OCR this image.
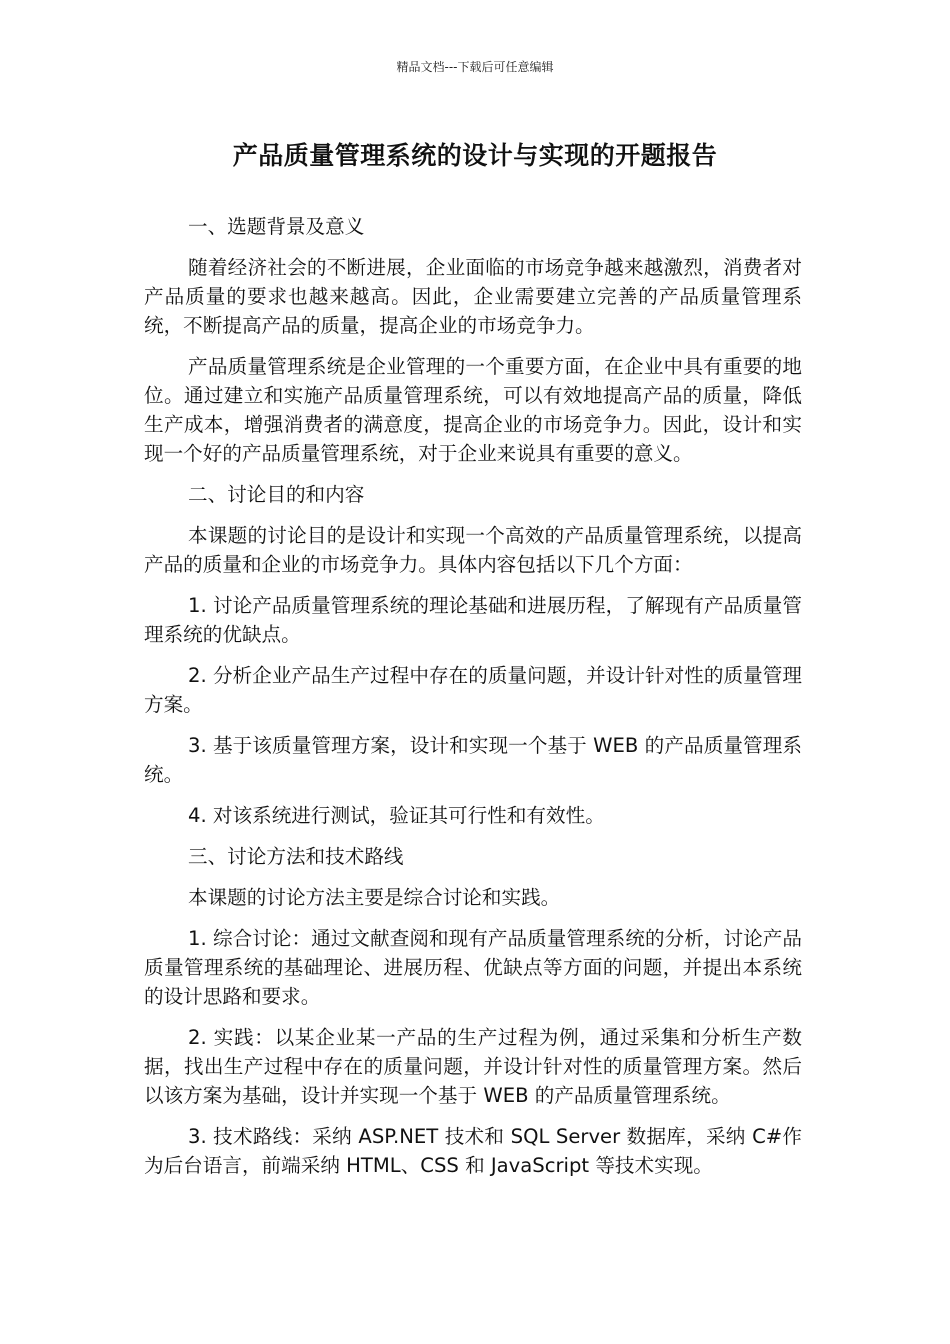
精品文档---下载后可任意编辑
产品质量管理系统的设计与实现的开题报告

一、选题背景及意义

随着经济社会的不断进展，企业面临的市场竞争越来越激烈，消费者对产品质量的要求也越来越高。因此，企业需要建立完善的产品质量管理系统，不断提高产品的质量，提高企业的市场竞争力。

产品质量管理系统是企业管理的一个重要方面，在企业中具有重要的地位。通过建立和实施产品质量管理系统，可以有效地提高产品的质量，降低生产成本，增强消费者的满意度，提高企业的市场竞争力。因此，设计和实现一个好的产品质量管理系统，对于企业来说具有重要的意义。

二、讨论目的和内容

本课题的讨论目的是设计和实现一个高效的产品质量管理系统，以提高产品的质量和企业的市场竞争力。具体内容包括以下几个方面：

1. 讨论产品质量管理系统的理论基础和进展历程，了解现有产品质量管理系统的优缺点。

2. 分析企业产品生产过程中存在的质量问题，并设计针对性的质量管理方案。

3. 基于该质量管理方案，设计和实现一个基于 WEB 的产品质量管理系统。

4. 对该系统进行测试，验证其可行性和有效性。

三、讨论方法和技术路线

本课题的讨论方法主要是综合讨论和实践。

1. 综合讨论：通过文献查阅和现有产品质量管理系统的分析，讨论产品质量管理系统的基础理论、进展历程、优缺点等方面的问题，并提出本系统的设计思路和要求。

2. 实践：以某企业某一产品的生产过程为例，通过采集和分析生产数据，找出生产过程中存在的质量问题，并设计针对性的质量管理方案。然后以该方案为基础，设计并实现一个基于 WEB 的产品质量管理系统。

3. 技术路线：采纳 ASP.NET 技术和 SQL Server 数据库，采纳 C#作为后台语言，前端采纳 HTML、CSS 和 JavaScript 等技术实现。
